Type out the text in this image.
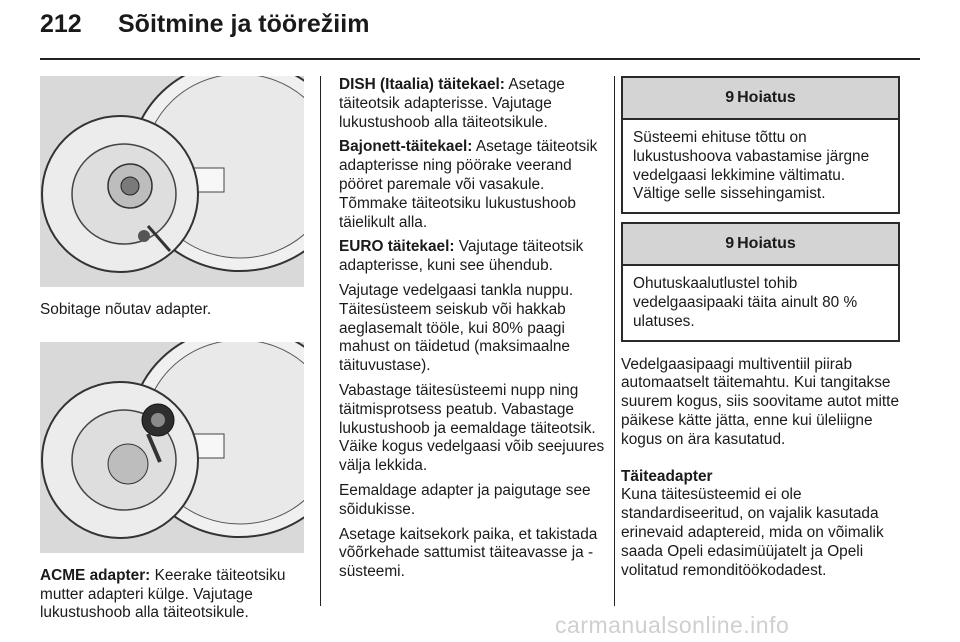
212 Sõitmine ja töörežiim

Sobitage nõutav adapter.

ACME adapter: Keerake täiteotsiku mutter adapteri külge. Vajutage lukustushoob alla täiteotsikule.

DISH (Itaalia) täitekael: Asetage täiteotsik adapterisse. Vajutage lukustushoob alla täiteotsikule.

Bajonett-täitekael: Asetage täiteotsik adapterisse ning pöörake veerand pööret paremale või vasakule. Tõmmake täiteotsiku lukustushoob täielikult alla.

EURO täitekael: Vajutage täiteotsik adapterisse, kuni see ühendub.

Vajutage vedelgaasi tankla nuppu. Täitesüsteem seiskub või hakkab aeglasemalt tööle, kui 80% paagi mahust on täidetud (maksimaalne täituvustase).

Vabastage täitesüsteemi nupp ning täitmisprotsess peatub. Vabastage lukustushoob ja eemaldage täiteotsik. Väike kogus vedelgaasi võib seejuures välja lekkida.

Eemaldage adapter ja paigutage see sõidukisse.

Asetage kaitsekork paika, et takistada võõrkehade sattumist täiteavasse ja -süsteemi.

9 Hoiatus
Süsteemi ehituse tõttu on lukustushoova vabastamise järgne vedelgaasi lekkimine vältimatu. Vältige selle sissehingamist.
9 Hoiatus
Ohutuskaalutlustel tohib vedelgaasipaaki täita ainult 80 % ulatuses.

Vedelgaasipaagi multiventiil piirab automaatselt täitemahtu. Kui tangitakse suurem kogus, siis soovitame autot mitte päikese kätte jätta, enne kui üleliigne kogus on ära kasutatud.

Täiteadapter

Kuna täitesüsteemid ei ole standardiseeritud, on vajalik kasutada erinevaid adaptereid, mida on võimalik saada Opeli edasimüüjatelt ja Opeli volitatud remonditöökodadest.

carmanualsonline.info
